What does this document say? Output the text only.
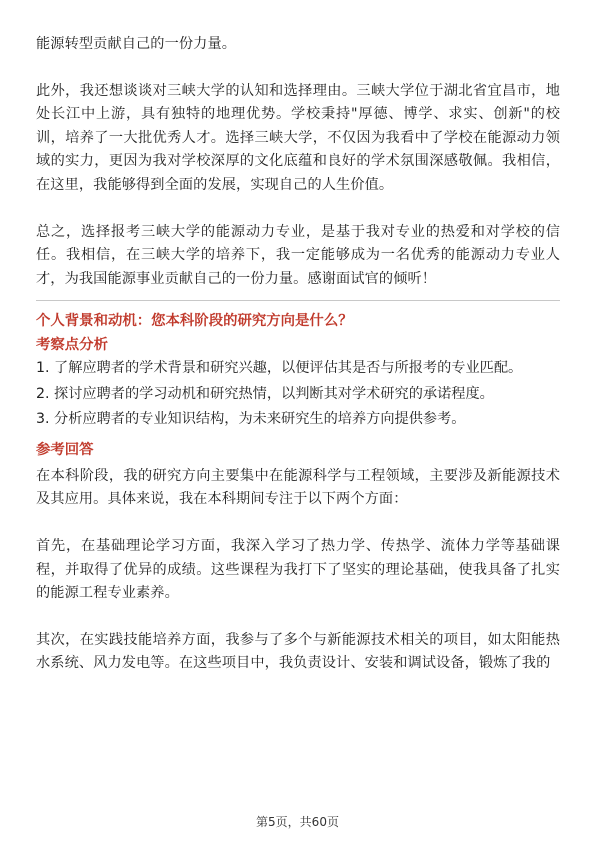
能源转型贡献自己的一份力量。

此外，我还想谈谈对三峡大学的认知和选择理由。三峡大学位于湖北省宜昌市，地处长江中上游，具有独特的地理优势。学校秉持"厚德、博学、求实、创新"的校训，培养了一大批优秀人才。选择三峡大学，不仅因为我看中了学校在能源动力领域的实力，更因为我对学校深厚的文化底蕴和良好的学术氛围深感敬佩。我相信，在这里，我能够得到全面的发展，实现自己的人生价值。

总之，选择报考三峡大学的能源动力专业，是基于我对专业的热爱和对学校的信任。我相信，在三峡大学的培养下，我一定能够成为一名优秀的能源动力专业人才，为我国能源事业贡献自己的一份力量。感谢面试官的倾听！

个人背景和动机：您本科阶段的研究方向是什么？

考察点分析

1. 了解应聘者的学术背景和研究兴趣，以便评估其是否与所报考的专业匹配。

2. 探讨应聘者的学习动机和研究热情，以判断其对学术研究的承诺程度。

3. 分析应聘者的专业知识结构，为未来研究生的培养方向提供参考。

参考回答

在本科阶段，我的研究方向主要集中在能源科学与工程领域，主要涉及新能源技术及其应用。具体来说，我在本科期间专注于以下两个方面：

首先，在基础理论学习方面，我深入学习了热力学、传热学、流体力学等基础课程，并取得了优异的成绩。这些课程为我打下了坚实的理论基础，使我具备了扎实的能源工程专业素养。

其次，在实践技能培养方面，我参与了多个与新能源技术相关的项目，如太阳能热水系统、风力发电等。在这些项目中，我负责设计、安装和调试设备，锻炼了我的

第5页，共60页
